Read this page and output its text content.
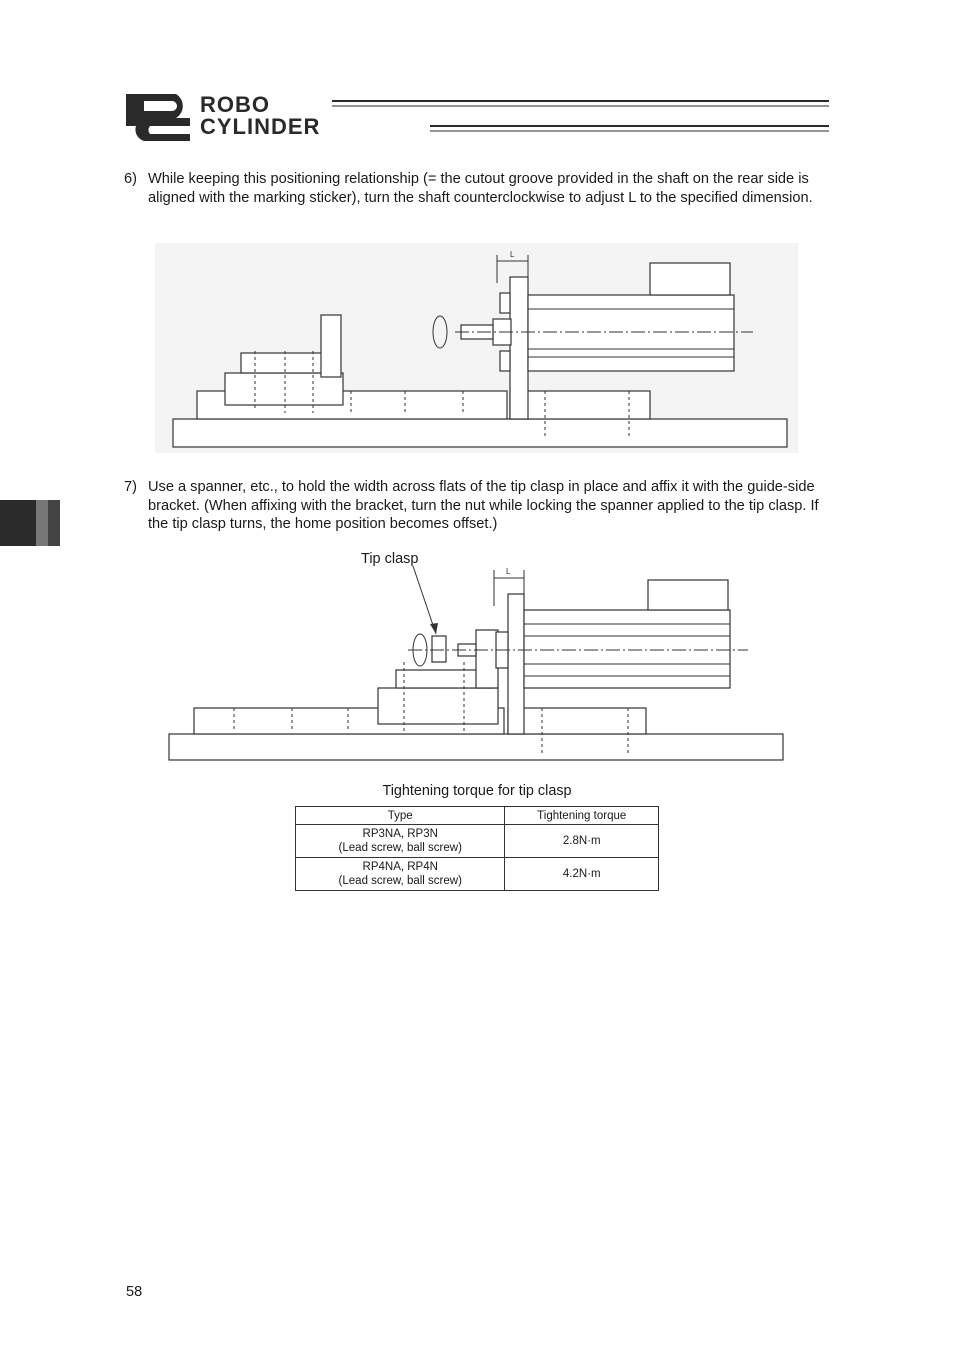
ROBO
CYLINDER
6) While keeping this positioning relationship (= the cutout groove provided in the shaft on the rear side is aligned with the marking sticker), turn the shaft counterclockwise to adjust L to the specified dimension.
L
7) Use a spanner, etc., to hold the width across flats of the tip clasp in place and affix it with the guide-side bracket. (When affixing with the bracket, turn the nut while locking the spanner applied to the tip clasp. If the tip clasp turns, the home position becomes offset.)
Tip clasp
L
Tightening torque for tip clasp
Type	Tightening torque

RP3NA, RP3N
(Lead screw, ball screw)	2.8N·m

RP4NA, RP4N
(Lead screw, ball screw)	4.2N·m
58
